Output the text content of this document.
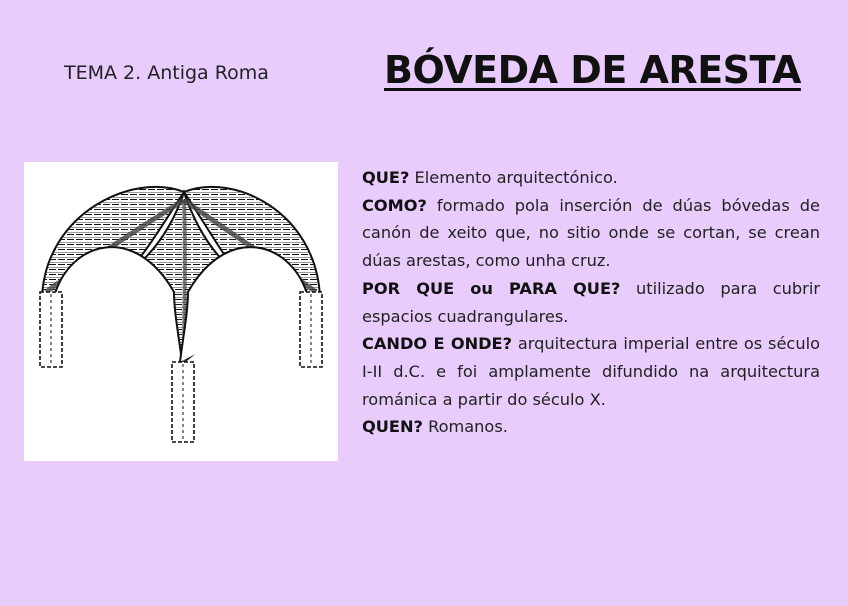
TEMA 2. Antiga Roma	BÓVEDA DE ARESTA

QUE? Elemento arquitectónico.

COMO? formado pola inserción de dúas bóvedas de canón de xeito que, no sitio onde se cortan, se crean dúas arestas, como unha cruz.

POR QUE ou PARA QUE? utilizado para cubrir espacios cuadrangulares.

CANDO E ONDE? arquitectura imperial entre os século I-II d.C. e foi amplamente difundido na arquitectura románica a partir do século X.

QUEN? Romanos.
